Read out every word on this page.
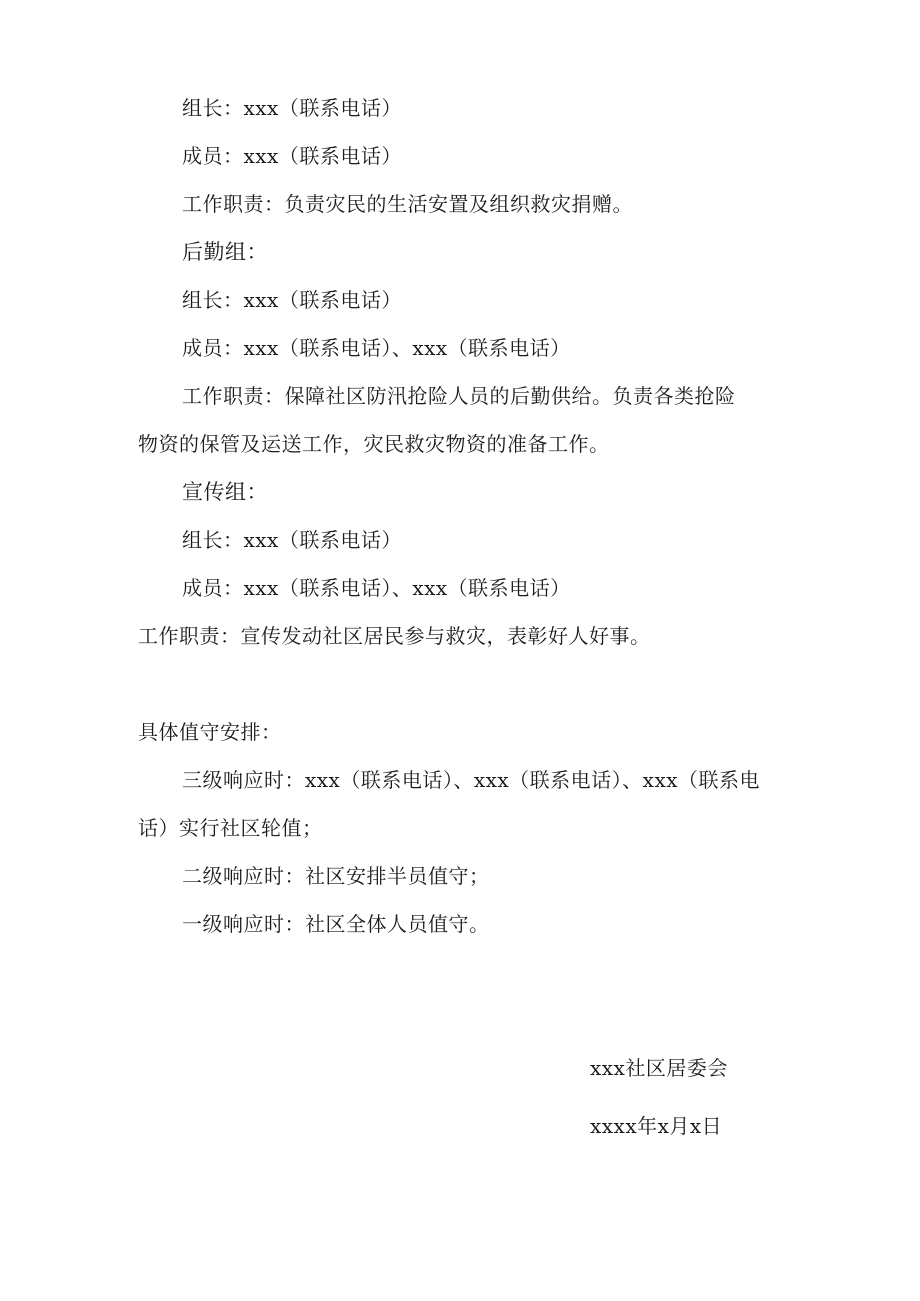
组长：xxx（联系电话）
成员：xxx（联系电话）
工作职责：负责灾民的生活安置及组织救灾捐赠。
后勤组：
组长：xxx（联系电话）
成员：xxx（联系电话）、xxx（联系电话）
工作职责：保障社区防汛抢险人员的后勤供给。负责各类抢险
物资的保管及运送工作，灾民救灾物资的准备工作。
宣传组：
组长：xxx（联系电话）
成员：xxx（联系电话）、xxx（联系电话）
工作职责：宣传发动社区居民参与救灾，表彰好人好事。
具体值守安排：
三级响应时：xxx（联系电话）、xxx（联系电话）、xxx（联系电
话）实行社区轮值；
二级响应时：社区安排半员值守；
一级响应时：社区全体人员值守。
xxx社区居委会
xxxx年x月x日
